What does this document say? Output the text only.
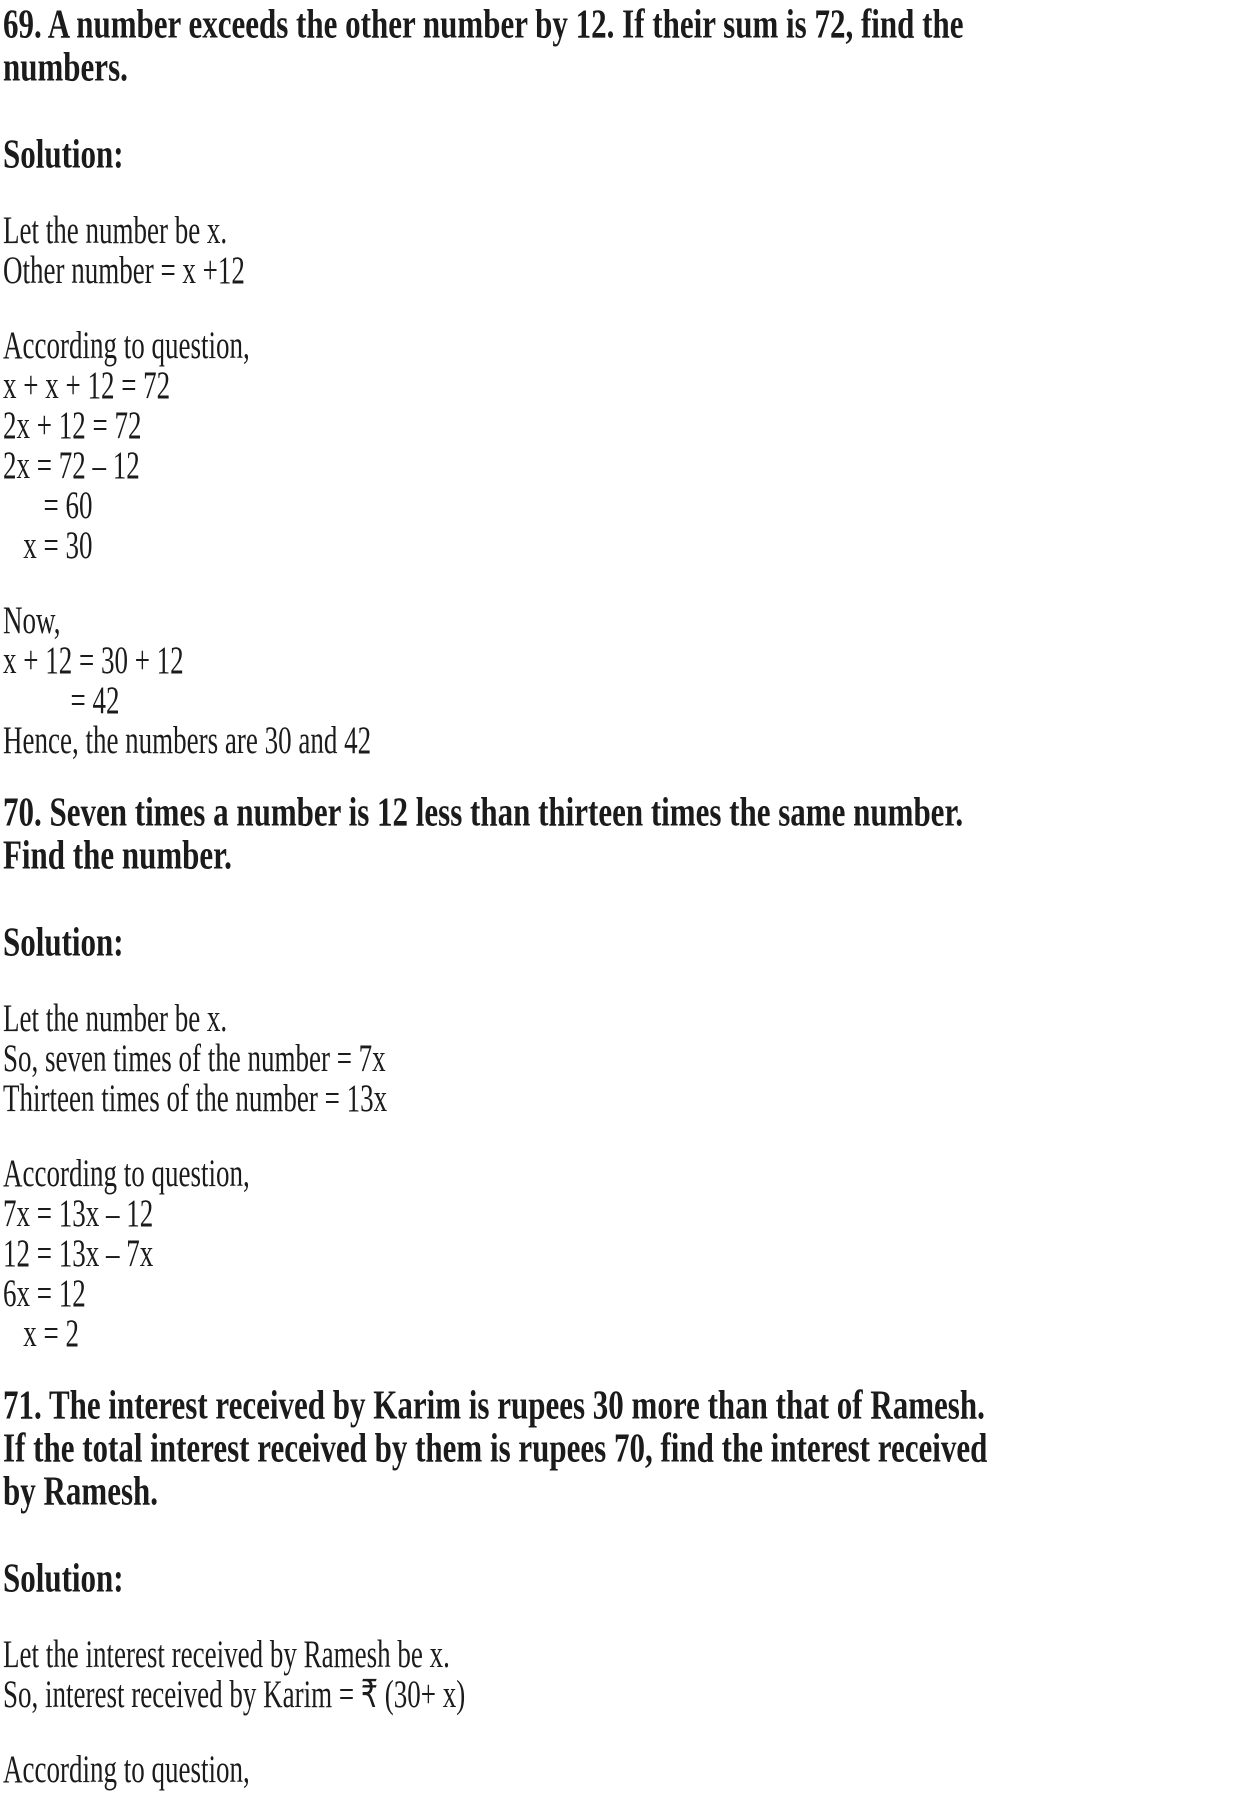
69. A number exceeds the other number by 12. If their sum is 72, find the
numbers.
Solution:
Let the number be x.
Other number = x +12
According to question,
x + x + 12 = 72
2x + 12 = 72
2x = 72 – 12
= 60
x = 30
Now,
x + 12 = 30 + 12
= 42
Hence, the numbers are 30 and 42
70. Seven times a number is 12 less than thirteen times the same number.
Find the number.
Solution:
Let the number be x.
So, seven times of the number = 7x
Thirteen times of the number = 13x
According to question,
7x = 13x – 12
12 = 13x – 7x
6x = 12
x = 2
71. The interest received by Karim is rupees 30 more than that of Ramesh.
If the total interest received by them is rupees 70, find the interest received
by Ramesh.
Solution:
Let the interest received by Ramesh be x.
So, interest received by Karim = ₹ (30+ x)
According to question,
